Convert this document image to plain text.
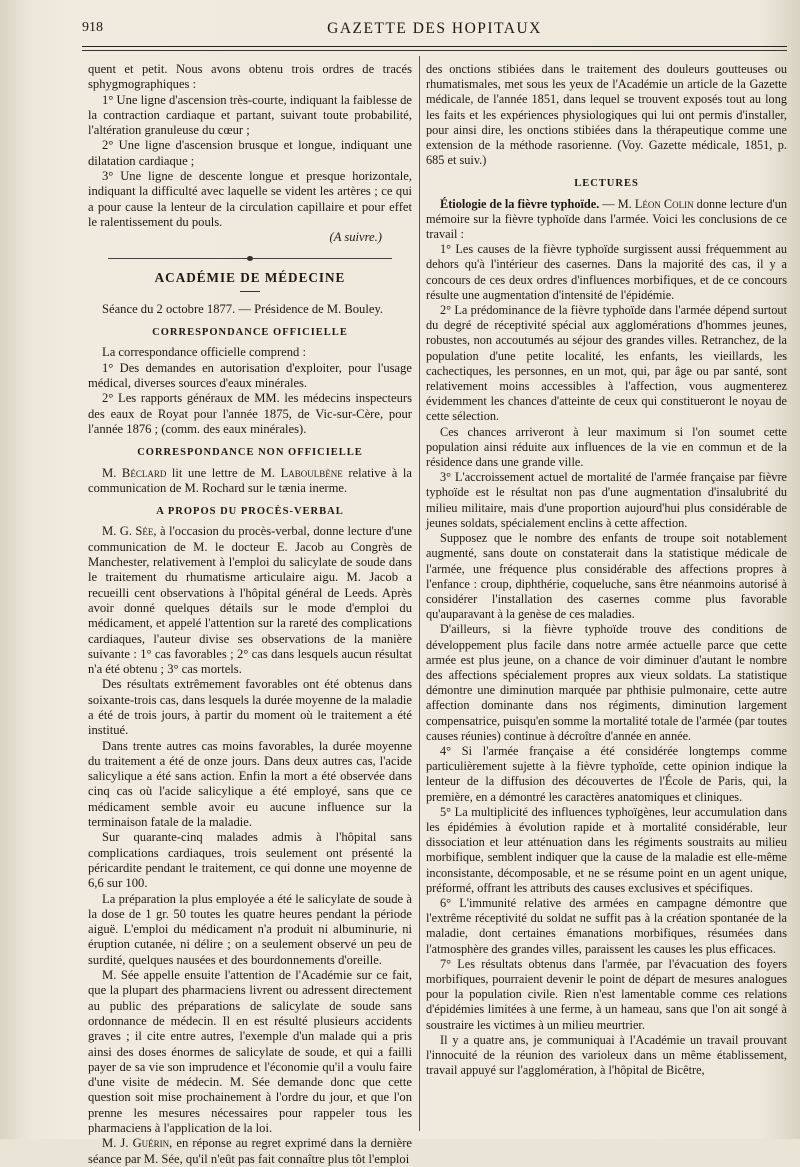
918	GAZETTE DES HOPITAUX

quent et petit. Nous avons obtenu trois ordres de tracés sphygmographiques :

1° Une ligne d'ascension très-courte, indiquant la faiblesse de la contraction cardiaque et partant, suivant toute probabilité, l'altération granuleuse du cœur ;

2° Une ligne d'ascension brusque et longue, indiquant une dilatation cardiaque ;

3° Une ligne de descente longue et presque horizontale, indiquant la difficulté avec laquelle se vident les artères ; ce qui a pour cause la lenteur de la circulation capillaire et pour effet le ralentissement du pouls.

(A suivre.)
ACADÉMIE DE MÉDECINE

Séance du 2 octobre 1877. — Présidence de M. Bouley.

CORRESPONDANCE OFFICIELLE

La correspondance officielle comprend :

1° Des demandes en autorisation d'exploiter, pour l'usage médical, diverses sources d'eaux minérales.

2° Les rapports généraux de MM. les médecins inspecteurs des eaux de Royat pour l'année 1875, de Vic-sur-Cère, pour l'année 1876 ; (comm. des eaux minérales).

CORRESPONDANCE NON OFFICIELLE

M. Béclard lit une lettre de M. Laboulbène relative à la communication de M. Rochard sur le tænia inerme.

A PROPOS DU PROCÈS-VERBAL

M. G. Sée, à l'occasion du procès-verbal, donne lecture d'une communication de M. le docteur E. Jacob au Congrès de Manchester, relativement à l'emploi du salicylate de soude dans le traitement du rhumatisme articulaire aigu. M. Jacob a recueilli cent observations à l'hôpital général de Leeds. Après avoir donné quelques détails sur le mode d'emploi du médicament, et appelé l'attention sur la rareté des complications cardiaques, l'auteur divise ses observations de la manière suivante : 1° cas favorables ; 2° cas dans lesquels aucun résultat n'a été obtenu ; 3° cas mortels.

Des résultats extrêmement favorables ont été obtenus dans soixante-trois cas, dans lesquels la durée moyenne de la maladie a été de trois jours, à partir du moment où le traitement a été institué.

Dans trente autres cas moins favorables, la durée moyenne du traitement a été de onze jours. Dans deux autres cas, l'acide salicylique a été sans action. Enfin la mort a été observée dans cinq cas où l'acide salicylique a été employé, sans que ce médicament semble avoir eu aucune influence sur la terminaison fatale de la maladie.

Sur quarante-cinq malades admis à l'hôpital sans complications cardiaques, trois seulement ont présenté la péricardite pendant le traitement, ce qui donne une moyenne de 6,6 sur 100.

La préparation la plus employée a été le salicylate de soude à la dose de 1 gr. 50 toutes les quatre heures pendant la période aiguë. L'emploi du médicament n'a produit ni albuminurie, ni éruption cutanée, ni délire ; on a seulement observé un peu de surdité, quelques nausées et des bourdonnements d'oreille.

M. Sée appelle ensuite l'attention de l'Académie sur ce fait, que la plupart des pharmaciens livrent ou adressent directement au public des préparations de salicylate de soude sans ordonnance de médecin. Il en est résulté plusieurs accidents graves ; il cite entre autres, l'exemple d'un malade qui a pris ainsi des doses énormes de salicylate de soude, et qui a failli payer de sa vie son imprudence et l'économie qu'il a voulu faire d'une visite de médecin. M. Sée demande donc que cette question soit mise prochainement à l'ordre du jour, et que l'on prenne les mesures nécessaires pour rappeler tous les pharmaciens à l'application de la loi.

M. J. Guérin, en réponse au regret exprimé dans la dernière séance par M. Sée, qu'il n'eût pas fait connaître plus tôt l'emploi

des onctions stibiées dans le traitement des douleurs goutteuses ou rhumatismales, met sous les yeux de l'Académie un article de la Gazette médicale, de l'année 1851, dans lequel se trouvent exposés tout au long les faits et les expériences physiologiques qui lui ont permis d'installer, pour ainsi dire, les onctions stibiées dans la thérapeutique comme une extension de la méthode rasorienne. (Voy. Gazette médicale, 1851, p. 685 et suiv.)

LECTURES

Étiologie de la fièvre typhoïde. — M. Léon Colin donne lecture d'un mémoire sur la fièvre typhoïde dans l'armée. Voici les conclusions de ce travail :

1° Les causes de la fièvre typhoïde surgissent aussi fréquemment au dehors qu'à l'intérieur des casernes. Dans la majorité des cas, il y a concours de ces deux ordres d'influences morbifiques, et de ce concours résulte une augmentation d'intensité de l'épidémie.

2° La prédominance de la fièvre typhoïde dans l'armée dépend surtout du degré de réceptivité spécial aux agglomérations d'hommes jeunes, robustes, non accoutumés au séjour des grandes villes. Retranchez, de la population d'une petite localité, les enfants, les vieillards, les cachectiques, les personnes, en un mot, qui, par âge ou par santé, sont relativement moins accessibles à l'affection, vous augmenterez évidemment les chances d'atteinte de ceux qui constitueront le noyau de cette sélection.

Ces chances arriveront à leur maximum si l'on soumet cette population ainsi réduite aux influences de la vie en commun et de la résidence dans une grande ville.

3° L'accroissement actuel de mortalité de l'armée française par fièvre typhoïde est le résultat non pas d'une augmentation d'insalubrité du milieu militaire, mais d'une proportion aujourd'hui plus considérable de jeunes soldats, spécialement enclins à cette affection.

Supposez que le nombre des enfants de troupe soit notablement augmenté, sans doute on constaterait dans la statistique médicale de l'armée, une fréquence plus considérable des affections propres à l'enfance : croup, diphthérie, coqueluche, sans être néanmoins autorisé à considérer l'installation des casernes comme plus favorable qu'auparavant à la genèse de ces maladies.

D'ailleurs, si la fièvre typhoïde trouve des conditions de développement plus facile dans notre armée actuelle parce que cette armée est plus jeune, on a chance de voir diminuer d'autant le nombre des affections spécialement propres aux vieux soldats. La statistique démontre une diminution marquée par phthisie pulmonaire, cette autre affection dominante dans nos régiments, diminution largement compensatrice, puisqu'en somme la mortalité totale de l'armée (par toutes causes réunies) continue à décroître d'année en année.

4° Si l'armée française a été considérée longtemps comme particulièrement sujette à la fièvre typhoïde, cette opinion indique la lenteur de la diffusion des découvertes de l'École de Paris, qui, la première, en a démontré les caractères anatomiques et cliniques.

5° La multiplicité des influences typhoïgènes, leur accumulation dans les épidémies à évolution rapide et à mortalité considérable, leur dissociation et leur atténuation dans les régiments soustraits au milieu morbifique, semblent indiquer que la cause de la maladie est elle-même inconsistante, décomposable, et ne se résume point en un agent unique, préformé, offrant les attributs des causes exclusives et spécifiques.

6° L'immunité relative des armées en campagne démontre que l'extrême réceptivité du soldat ne suffit pas à la création spontanée de la maladie, dont certaines émanations morbifiques, résumées dans l'atmosphère des grandes villes, paraissent les causes les plus efficaces.

7° Les résultats obtenus dans l'armée, par l'évacuation des foyers morbifiques, pourraient devenir le point de départ de mesures analogues pour la population civile. Rien n'est lamentable comme ces relations d'épidémies limitées à une ferme, à un hameau, sans que l'on ait songé à soustraire les victimes à un milieu meurtrier.

Il y a quatre ans, je communiquai à l'Académie un travail prouvant l'innocuité de la réunion des varioleux dans un même établissement, travail appuyé sur l'agglomération, à l'hôpital de Bicêtre,
